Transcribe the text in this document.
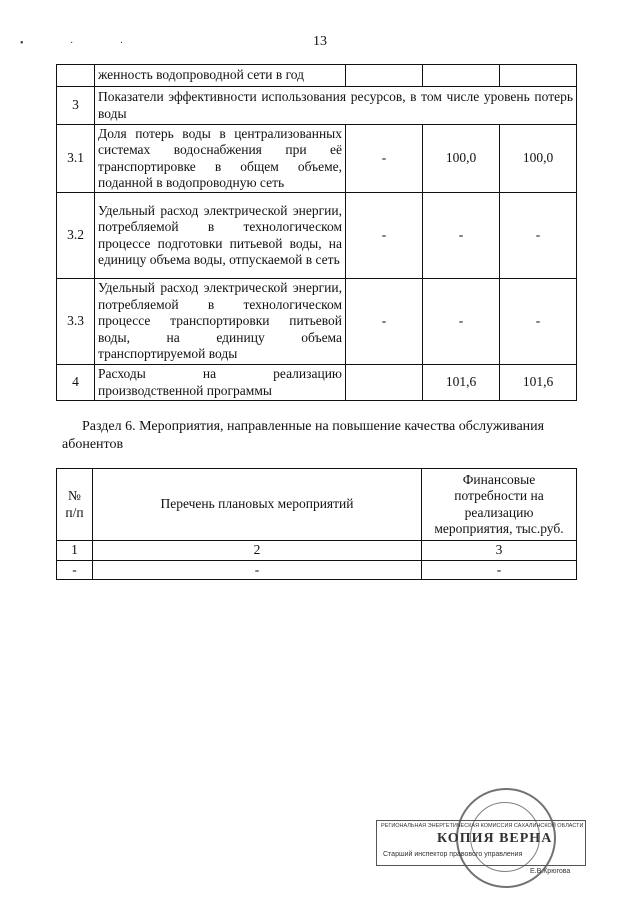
13
• · ·
	женность водопроводной сети в год			
3	Показатели эффективности использования ресурсов, в том числе уровень потерь воды			
3.1	Доля потерь воды в централизованных системах водоснабжения при её транспортировке в общем объеме, поданной в водопроводную сеть	-	100,0	100,0
3.2	Удельный расход электрической энергии, потребляемой в технологическом процессе подготовки питьевой воды, на единицу объема воды, отпускаемой в сеть	-	-	-
3.3	Удельный расход электрической энергии, потребляемой в технологическом процессе транспортировки питьевой воды, на единицу объема транспортируемой воды	-	-	-
4	Расходы на реализацию производственной программы		101,6	101,6
Раздел 6. Мероприятия, направленные на повышение качества обслуживания абонентов
№ п/п	Перечень плановых мероприятий	Финансовые потребности на реализацию мероприятия, тыс.руб.
1	2	3
-	-	-
РЕГИОНАЛЬНАЯ ЭНЕРГЕТИЧЕСКАЯ КОМИССИЯ САХАЛИНСКОЙ ОБЛАСТИ
КОПИЯ ВЕРНА
Старший инспектор правового управления
Е.В.Крюгова
